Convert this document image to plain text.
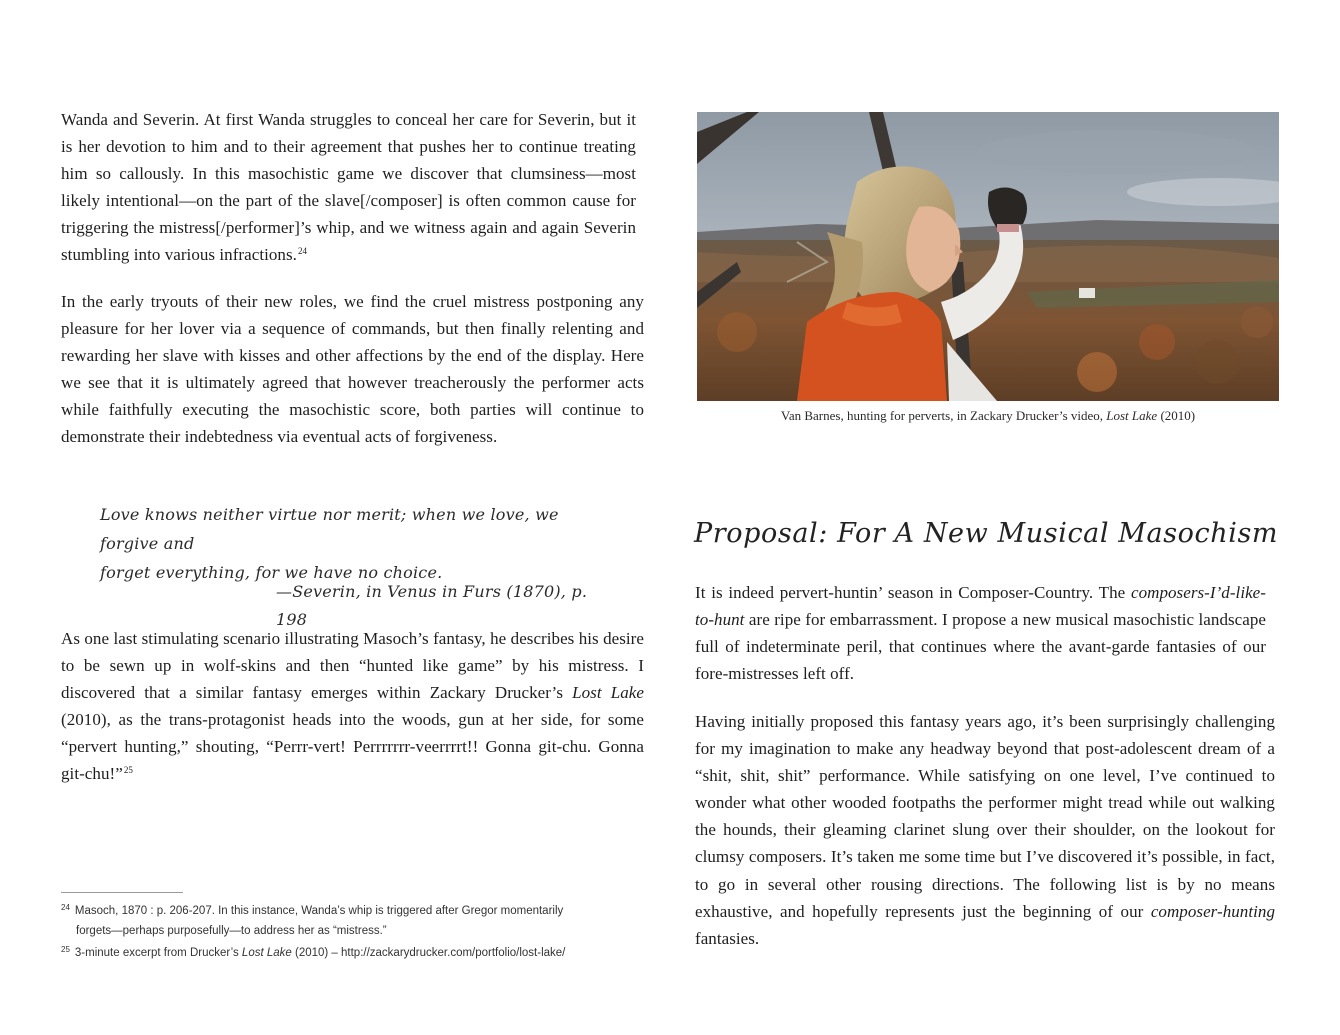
Wanda and Severin. At first Wanda struggles to conceal her care for Severin, but it is her devotion to him and to their agreement that pushes her to continue treating him so callously. In this masochistic game we discover that clumsiness—most likely intentional—on the part of the slave[/composer] is often common cause for triggering the mistress[/performer]’s whip, and we witness again and again Severin stumbling into various infractions.$^{24}$

In the early tryouts of their new roles, we find the cruel mistress postponing any pleasure for her lover via a sequence of commands, but then finally relenting and rewarding her slave with kisses and other affections by the end of the display. Here we see that it is ultimately agreed that however treacherously the performer acts while faithfully executing the masochistic score, both parties will continue to demonstrate their indebtedness via eventual acts of forgiveness.

Love knows neither virtue nor merit; when we love, we forgive and
forget everything, for we have no choice.

—Severin, in Venus in Furs (1870), p. 198

As one last stimulating scenario illustrating Masoch’s fantasy, he describes his desire to be sewn up in wolf-skins and then “hunted like game” by his mistress. I discovered that a similar fantasy emerges within Zackary Drucker’s Lost Lake (2010), as the trans-protagonist heads into the woods, gun at her side, for some “pervert hunting,” shouting, “Perrr-vert! Perrrrrrr-veerrrrt!! Gonna git-chu. Gonna git-chu!”$^{25}$

$^{24}$ Masoch, 1870 : p. 206-207. In this instance, Wanda’s whip is triggered after Gregor momentarily
forgets—perhaps purposefully—to address her as “mistress.”

$^{25}$ 3-minute excerpt from Drucker’s Lost Lake (2010) – http://zackarydrucker.com/portfolio/lost-lake/

Van Barnes, hunting for perverts, in Zackary Drucker’s video, Lost Lake (2010)

Proposal: For A New Musical Masochism

It is indeed pervert-huntin’ season in Composer-Country. The composers-I’d-like-to-hunt are ripe for embarrassment. I propose a new musical masochistic landscape full of indeterminate peril, that continues where the avant-garde fantasies of our fore-mistresses left off.

Having initially proposed this fantasy years ago, it’s been surprisingly challenging for my imagination to make any headway beyond that post-adolescent dream of a “shit, shit, shit” performance. While satisfying on one level, I’ve continued to wonder what other wooded footpaths the performer might tread while out walking the hounds, their gleaming clarinet slung over their shoulder, on the lookout for clumsy composers. It’s taken me some time but I’ve discovered it’s possible, in fact, to go in several other rousing directions. The following list is by no means exhaustive, and hopefully represents just the beginning of our composer-hunting fantasies.
